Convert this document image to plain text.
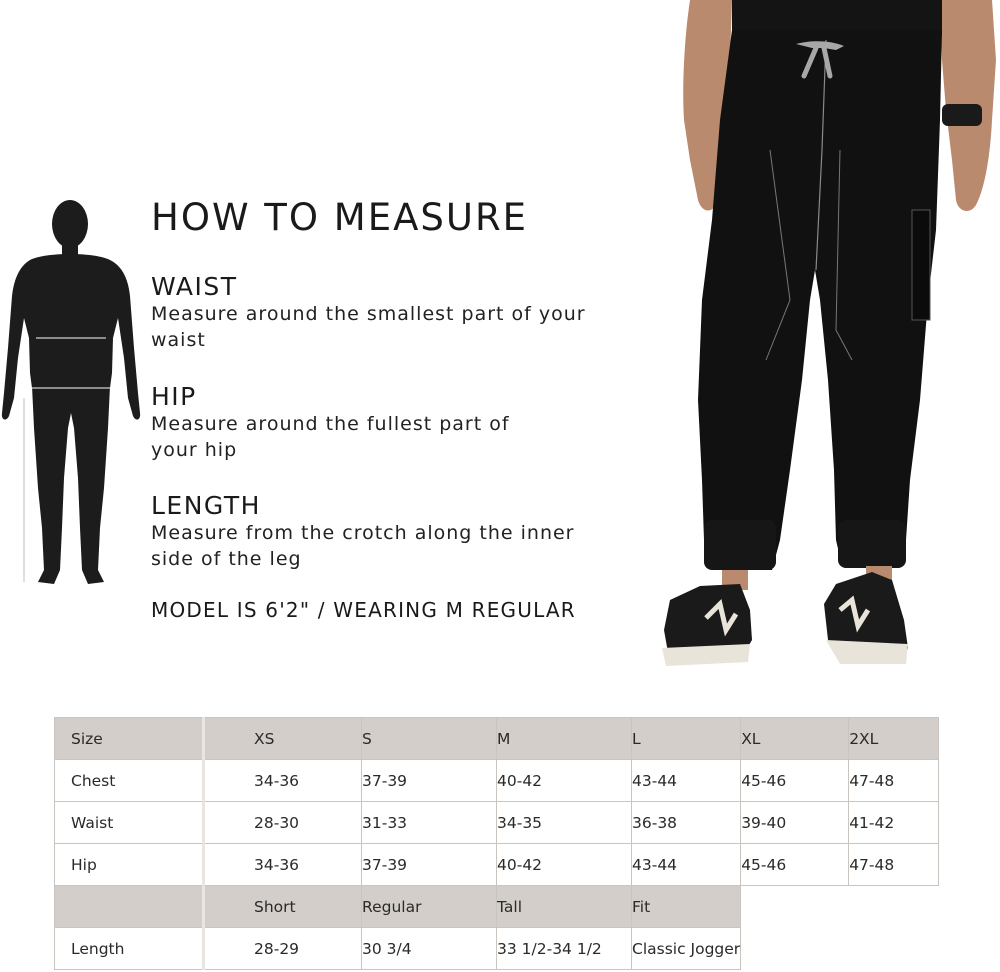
HOW TO MEASURE

WAIST

Measure around the smallest part of your waist

HIP

Measure around the fullest part of your hip

LENGTH

Measure from the crotch along the inner side of the leg

MODEL IS 6'2" / WEARING M REGULAR
Size	XS	S	M	L	XL	2XL
Chest	34-36	37-39	40-42	43-44	45-46	47-48
Waist	28-30	31-33	34-35	36-38	39-40	41-42
Hip	34-36	37-39	40-42	43-44	45-46	47-48
	Short	Regular	Tall	Fit		
Length	28-29	30 3/4	33 1/2-34 1/2	Classic Jogger		
